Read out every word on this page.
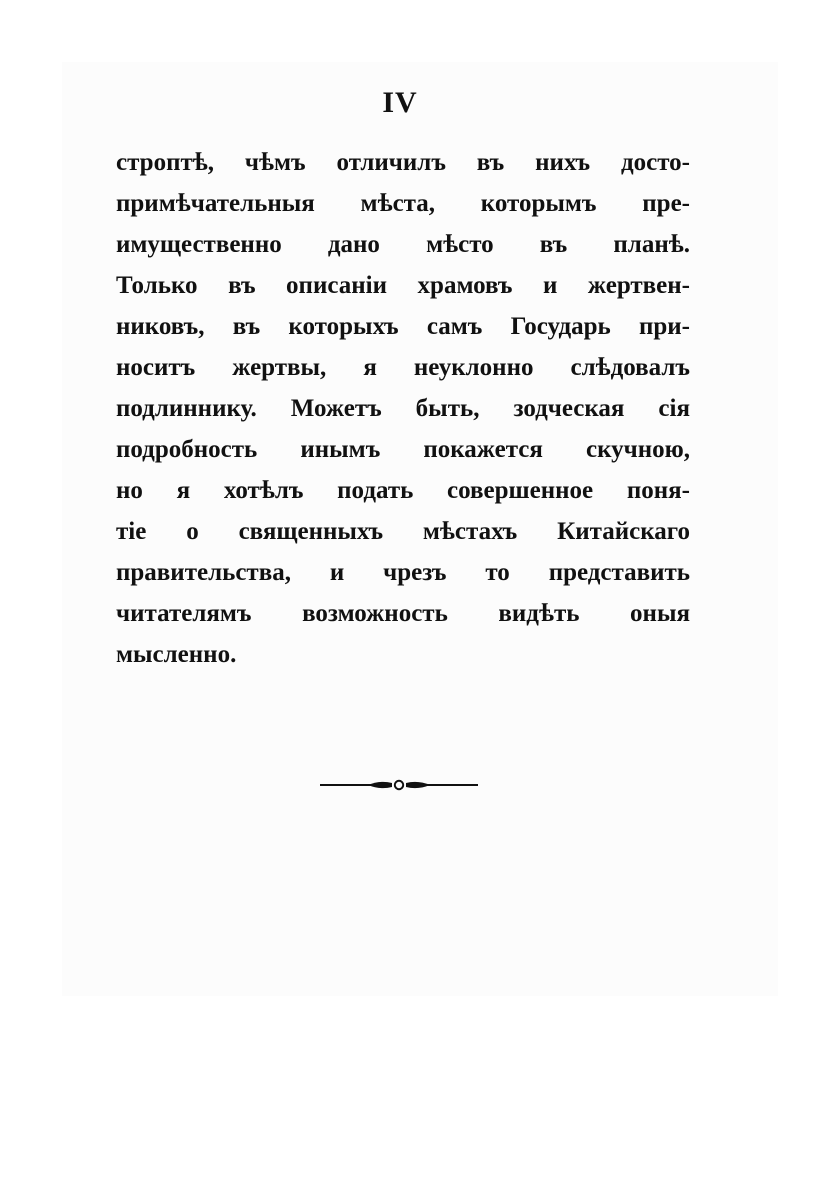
IV
строптѣ, чѣмъ отличилъ въ нихъ досто-
примѣчательныя мѣста, которымъ пре-
имущественно дано мѣсто въ планѣ.
Только въ описанiи храмовъ и жертвен-
никовъ, въ которыхъ самъ Государь при-
носитъ жертвы, я неуклонно слѣдовалъ
подлиннику. Можетъ быть, зодческая сiя
подробность инымъ покажется скучною,
но я хотѣлъ подать совершенное поня-
тiе о священныхъ мѣстахъ Китайскаго
правительства, и чрезъ то представить
читателямъ возможность видѣть оныя
мысленно.
